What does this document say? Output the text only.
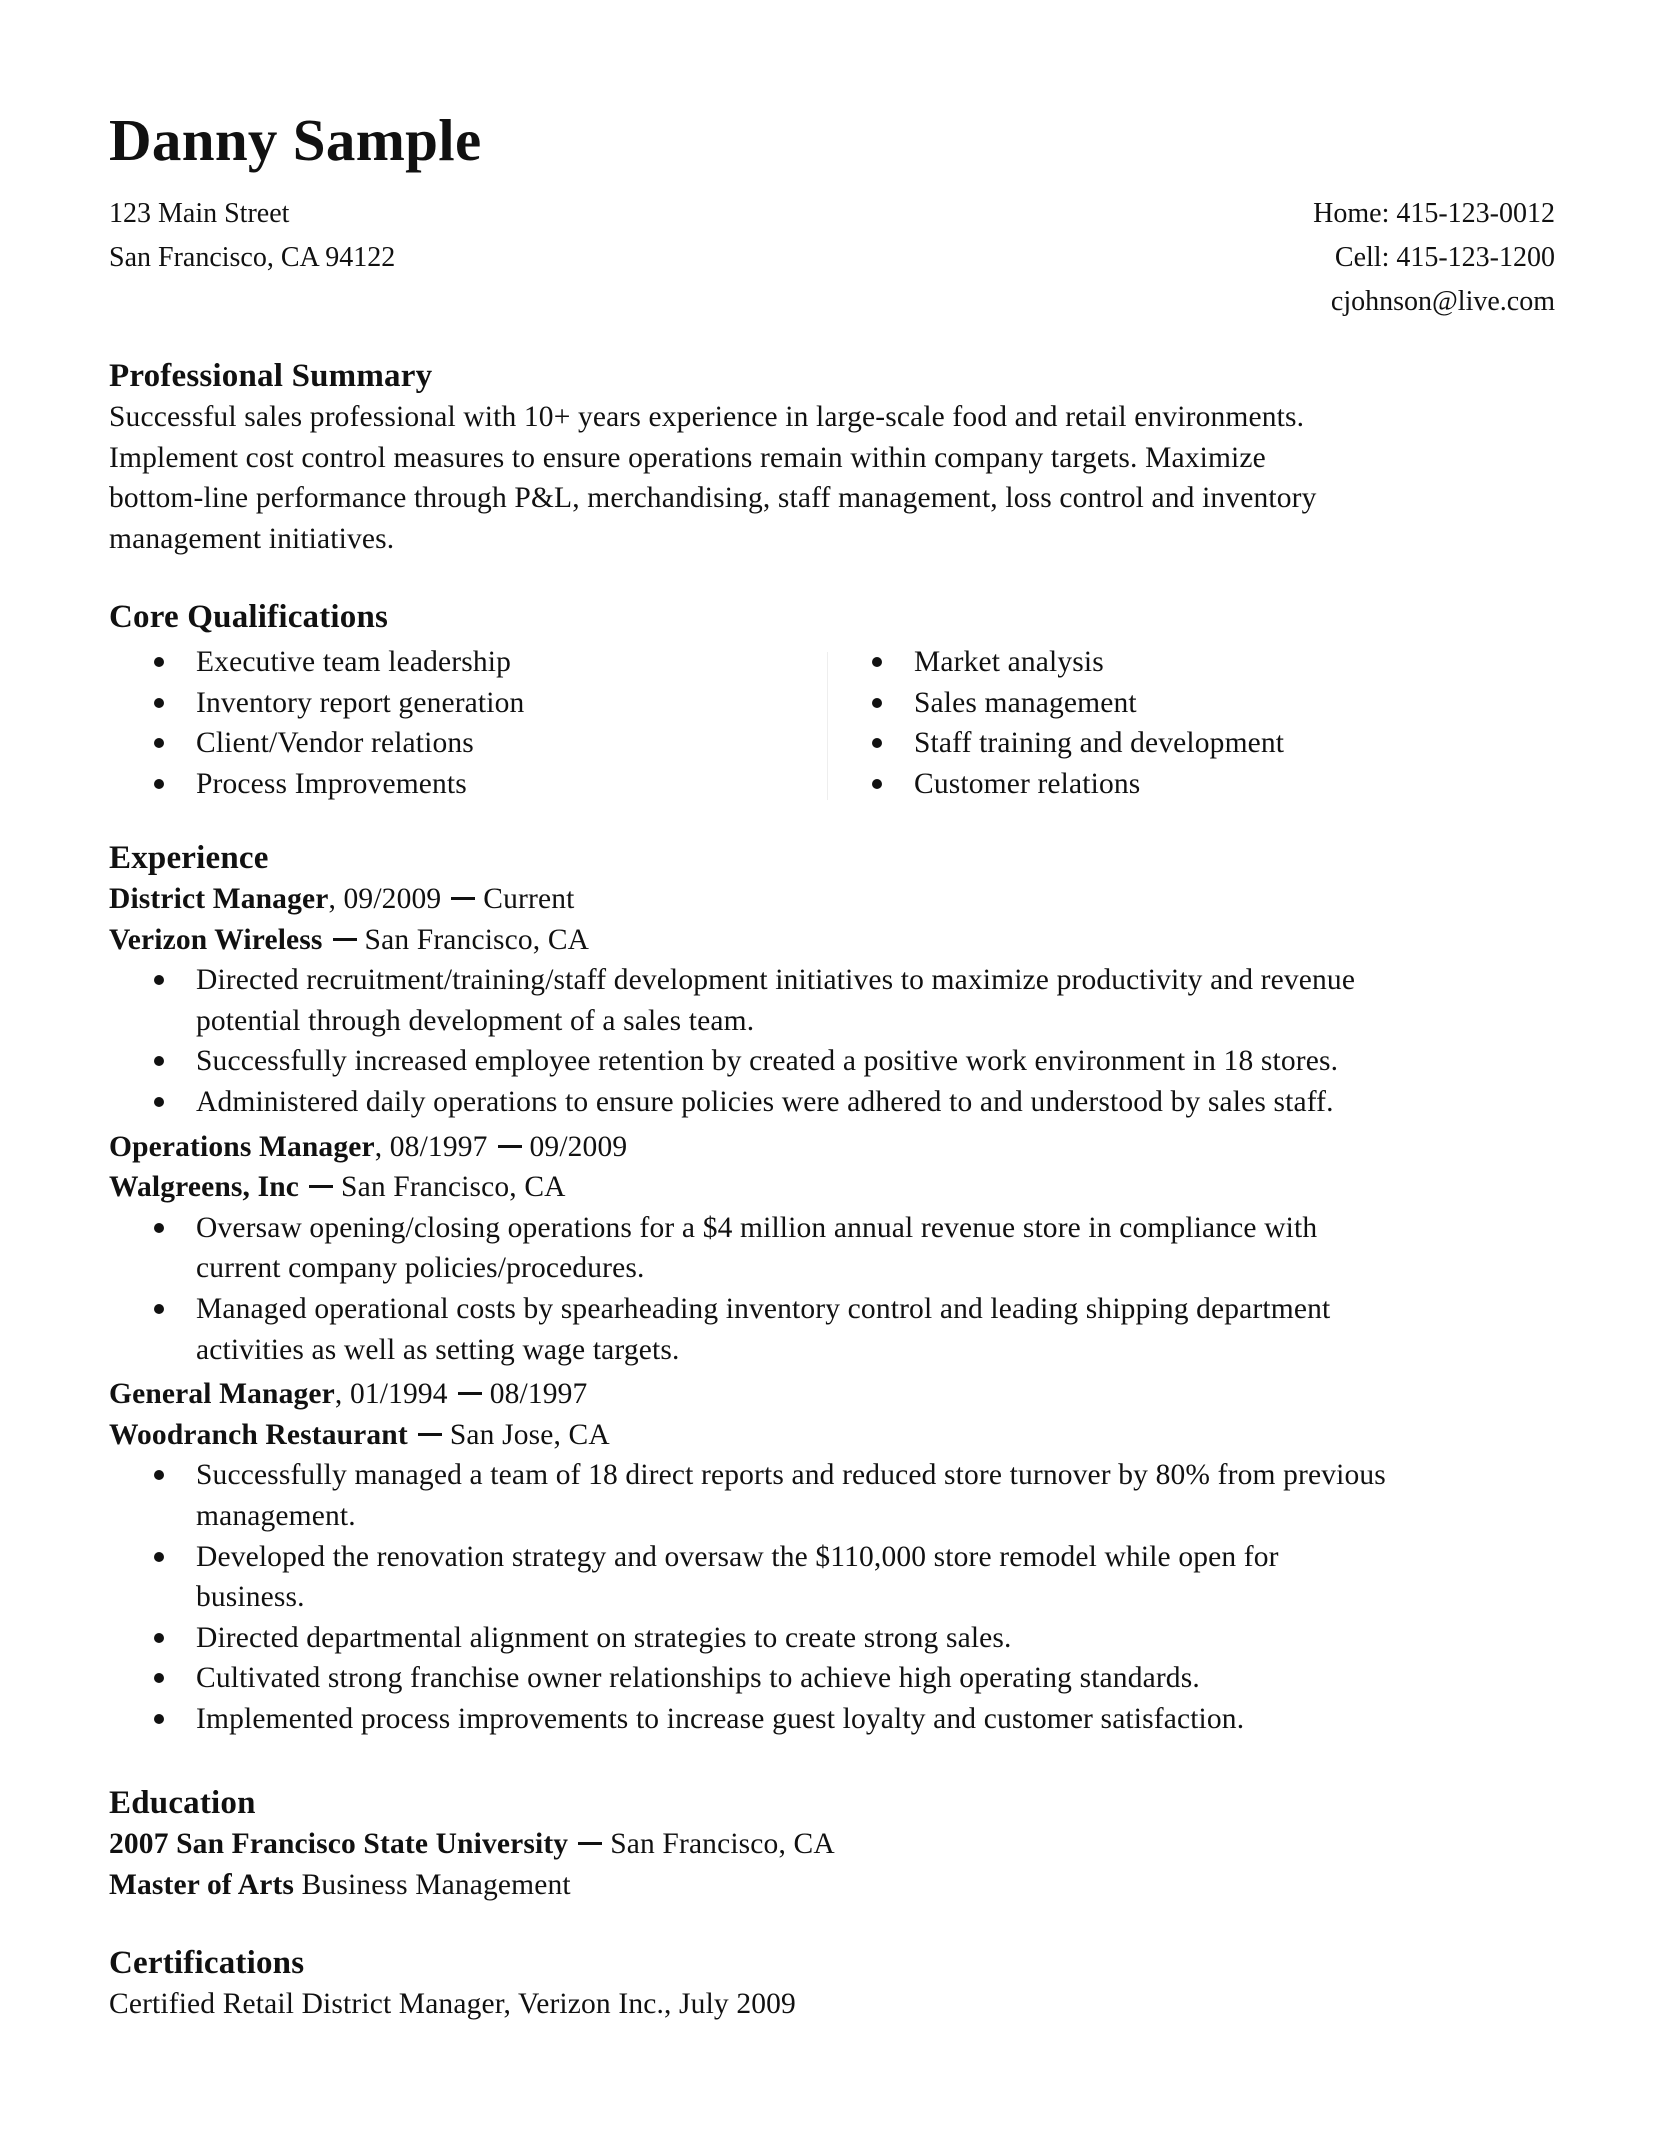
Danny Sample
123 Main Street
San Francisco, CA 94122
Home: 415-123-0012
Cell: 415-123-1200
cjohnson@live.com
Professional Summary
Successful sales professional with 10+ years experience in large-scale food and retail environments.
Implement cost control measures to ensure operations remain within company targets. Maximize
bottom-line performance through P&L, merchandising, staff management, loss control and inventory
management initiatives.
Core Qualifications
Executive team leadership
Inventory report generation
Client/Vendor relations
Process Improvements
Market analysis
Sales management
Staff training and development
Customer relations
Experience
District Manager, 09/2009 Current
Verizon Wireless San Francisco, CA
Directed recruitment/training/staff development initiatives to maximize productivity and revenue
potential through development of a sales team.
Successfully increased employee retention by created a positive work environment in 18 stores.
Administered daily operations to ensure policies were adhered to and understood by sales staff.
Operations Manager, 08/1997 09/2009
Walgreens, Inc San Francisco, CA
Oversaw opening/closing operations for a $4 million annual revenue store in compliance with
current company policies/procedures.
Managed operational costs by spearheading inventory control and leading shipping department
activities as well as setting wage targets.
General Manager, 01/1994 08/1997
Woodranch Restaurant San Jose, CA
Successfully managed a team of 18 direct reports and reduced store turnover by 80% from previous
management.
Developed the renovation strategy and oversaw the $110,000 store remodel while open for
business.
Directed departmental alignment on strategies to create strong sales.
Cultivated strong franchise owner relationships to achieve high operating standards.
Implemented process improvements to increase guest loyalty and customer satisfaction.
Education
2007 San Francisco State University San Francisco, CA
Master of Arts Business Management
Certifications
Certified Retail District Manager, Verizon Inc., July 2009
